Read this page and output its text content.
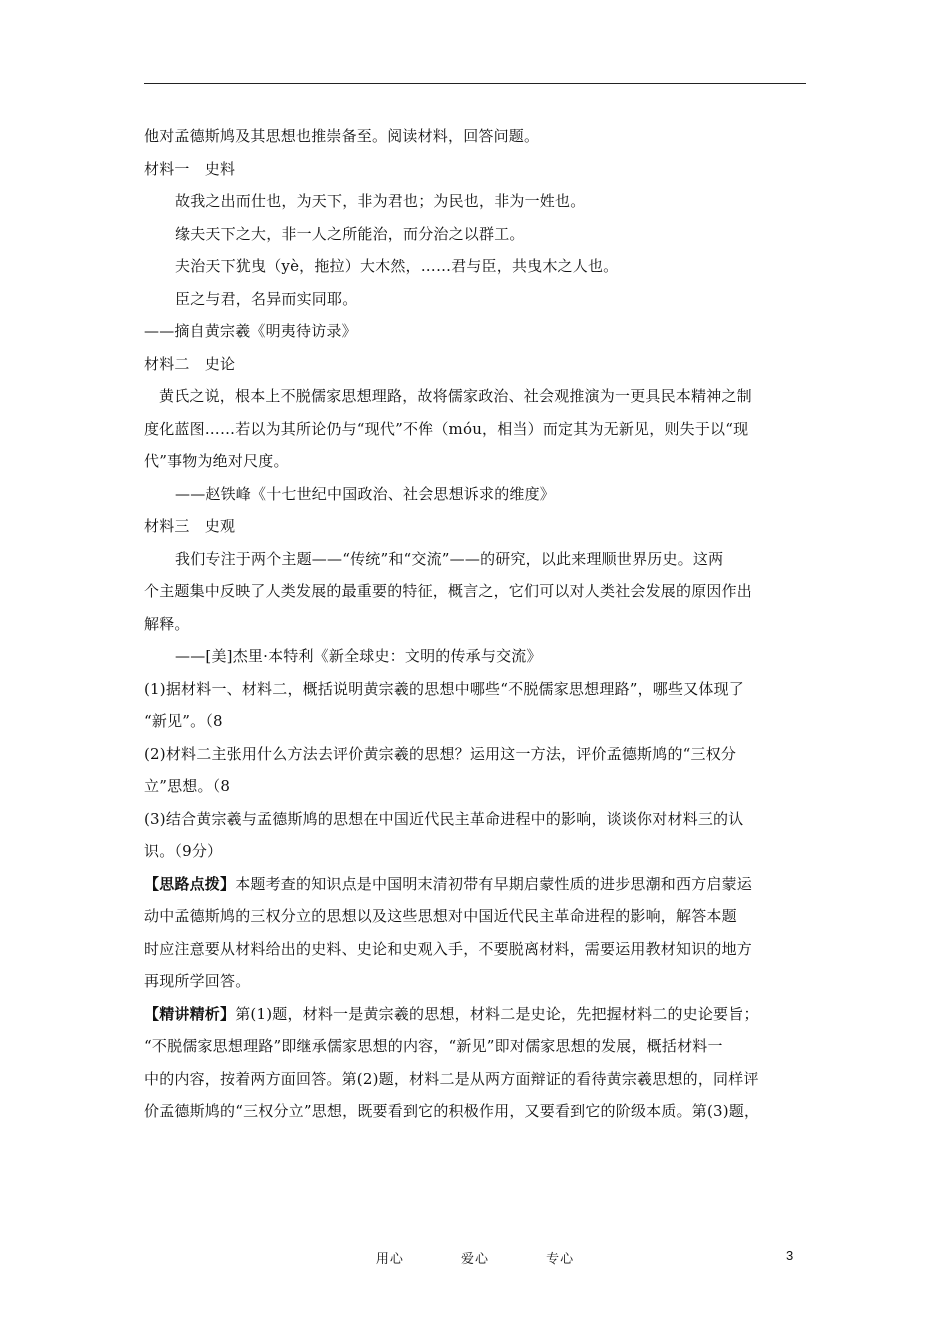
他对孟德斯鸠及其思想也推崇备至。阅读材料，回答问题。
材料一　史料
故我之出而仕也，为天下，非为君也；为民也，非为一姓也。
缘夫天下之大，非一人之所能治，而分治之以群工。
夫治天下犹曳（yè，拖拉）大木然，……君与臣，共曳木之人也。
臣之与君，名异而实同耶。
——摘自黄宗羲《明夷待访录》
材料二　史论
黄氏之说，根本上不脱儒家思想理路，故将儒家政治、社会观推演为一更具民本精神之制
度化蓝图……若以为其所论仍与“现代”不侔（móu，相当）而定其为无新见，则失于以“现
代”事物为绝对尺度。
——赵铁峰《十七世纪中国政治、社会思想诉求的维度》
材料三　史观
我们专注于两个主题——“传统”和“交流”——的研究，以此来理顺世界历史。这两
个主题集中反映了人类发展的最重要的特征，概言之，它们可以对人类社会发展的原因作出
解释。
——[美]杰里·本特利《新全球史：文明的传承与交流》
(1)据材料一、材料二，概括说明黄宗羲的思想中哪些“不脱儒家思想理路”，哪些又体现了
“新见”。（8
(2)材料二主张用什么方法去评价黄宗羲的思想？运用这一方法，评价孟德斯鸠的“三权分
立”思想。（8
(3)结合黄宗羲与孟德斯鸠的思想在中国近代民主革命进程中的影响，谈谈你对材料三的认
识。（9分）
【思路点拨】本题考查的知识点是中国明末清初带有早期启蒙性质的进步思潮和西方启蒙运
动中孟德斯鸠的三权分立的思想以及这些思想对中国近代民主革命进程的影响，解答本题
时应注意要从材料给出的史料、史论和史观入手，不要脱离材料，需要运用教材知识的地方
再现所学回答。
【精讲精析】第(1)题，材料一是黄宗羲的思想，材料二是史论，先把握材料二的史论要旨；
“不脱儒家思想理路”即继承儒家思想的内容，“新见”即对儒家思想的发展，概括材料一
中的内容，按着两方面回答。第(2)题，材料二是从两方面辩证的看待黄宗羲思想的，同样评
价孟德斯鸠的“三权分立”思想，既要看到它的积极作用，又要看到它的阶级本质。第(3)题，
用心	爱心	专心	3
